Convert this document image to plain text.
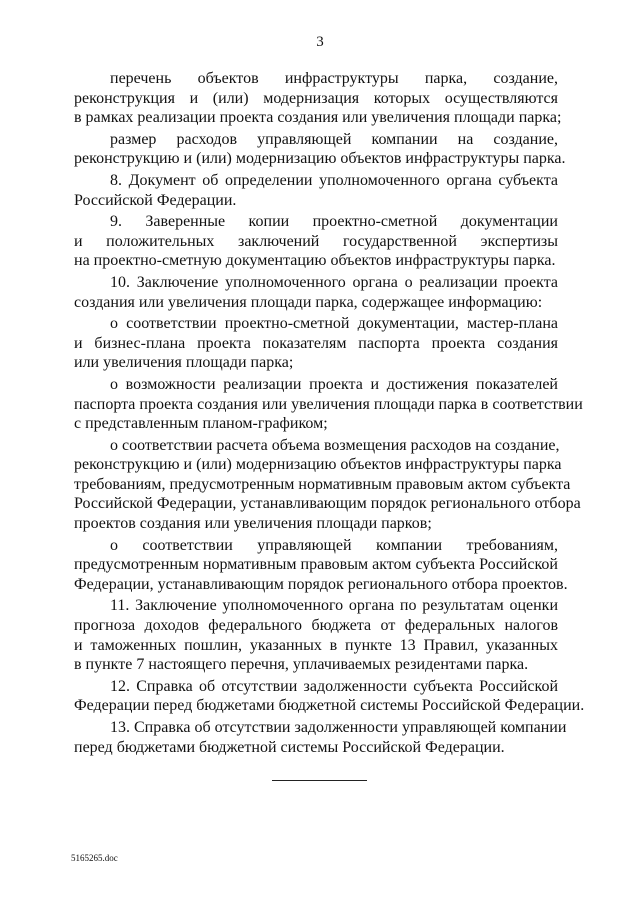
3
перечень объектов инфраструктуры парка, создание,
реконструкция и (или) модернизация которых осуществляются
в рамках реализации проекта создания или увеличения площади парка;
размер расходов управляющей компании на создание,
реконструкцию и (или) модернизацию объектов инфраструктуры парка.
8. Документ об определении уполномоченного органа субъекта
Российской Федерации.
9. Заверенные копии проектно-сметной документации
и положительных заключений государственной экспертизы
на проектно-сметную документацию объектов инфраструктуры парка.
10. Заключение уполномоченного органа о реализации проекта
создания или увеличения площади парка, содержащее информацию:
о соответствии проектно-сметной документации, мастер-плана
и бизнес-плана проекта показателям паспорта проекта создания
или увеличения площади парка;
о возможности реализации проекта и достижения показателей
паспорта проекта создания или увеличения площади парка в соответствии
с представленным планом-графиком;
о соответствии расчета объема возмещения расходов на создание,
реконструкцию и (или) модернизацию объектов инфраструктуры парка
требованиям, предусмотренным нормативным правовым актом субъекта
Российской Федерации, устанавливающим порядок регионального отбора
проектов создания или увеличения площади парков;
о соответствии управляющей компании требованиям,
предусмотренным нормативным правовым актом субъекта Российской
Федерации, устанавливающим порядок регионального отбора проектов.
11. Заключение уполномоченного органа по результатам оценки
прогноза доходов федерального бюджета от федеральных налогов
и таможенных пошлин, указанных в пункте 13 Правил, указанных
в пункте 7 настоящего перечня, уплачиваемых резидентами парка.
12. Справка об отсутствии задолженности субъекта Российской
Федерации перед бюджетами бюджетной системы Российской Федерации.
13. Справка об отсутствии задолженности управляющей компании
перед бюджетами бюджетной системы Российской Федерации.
5165265.doc
